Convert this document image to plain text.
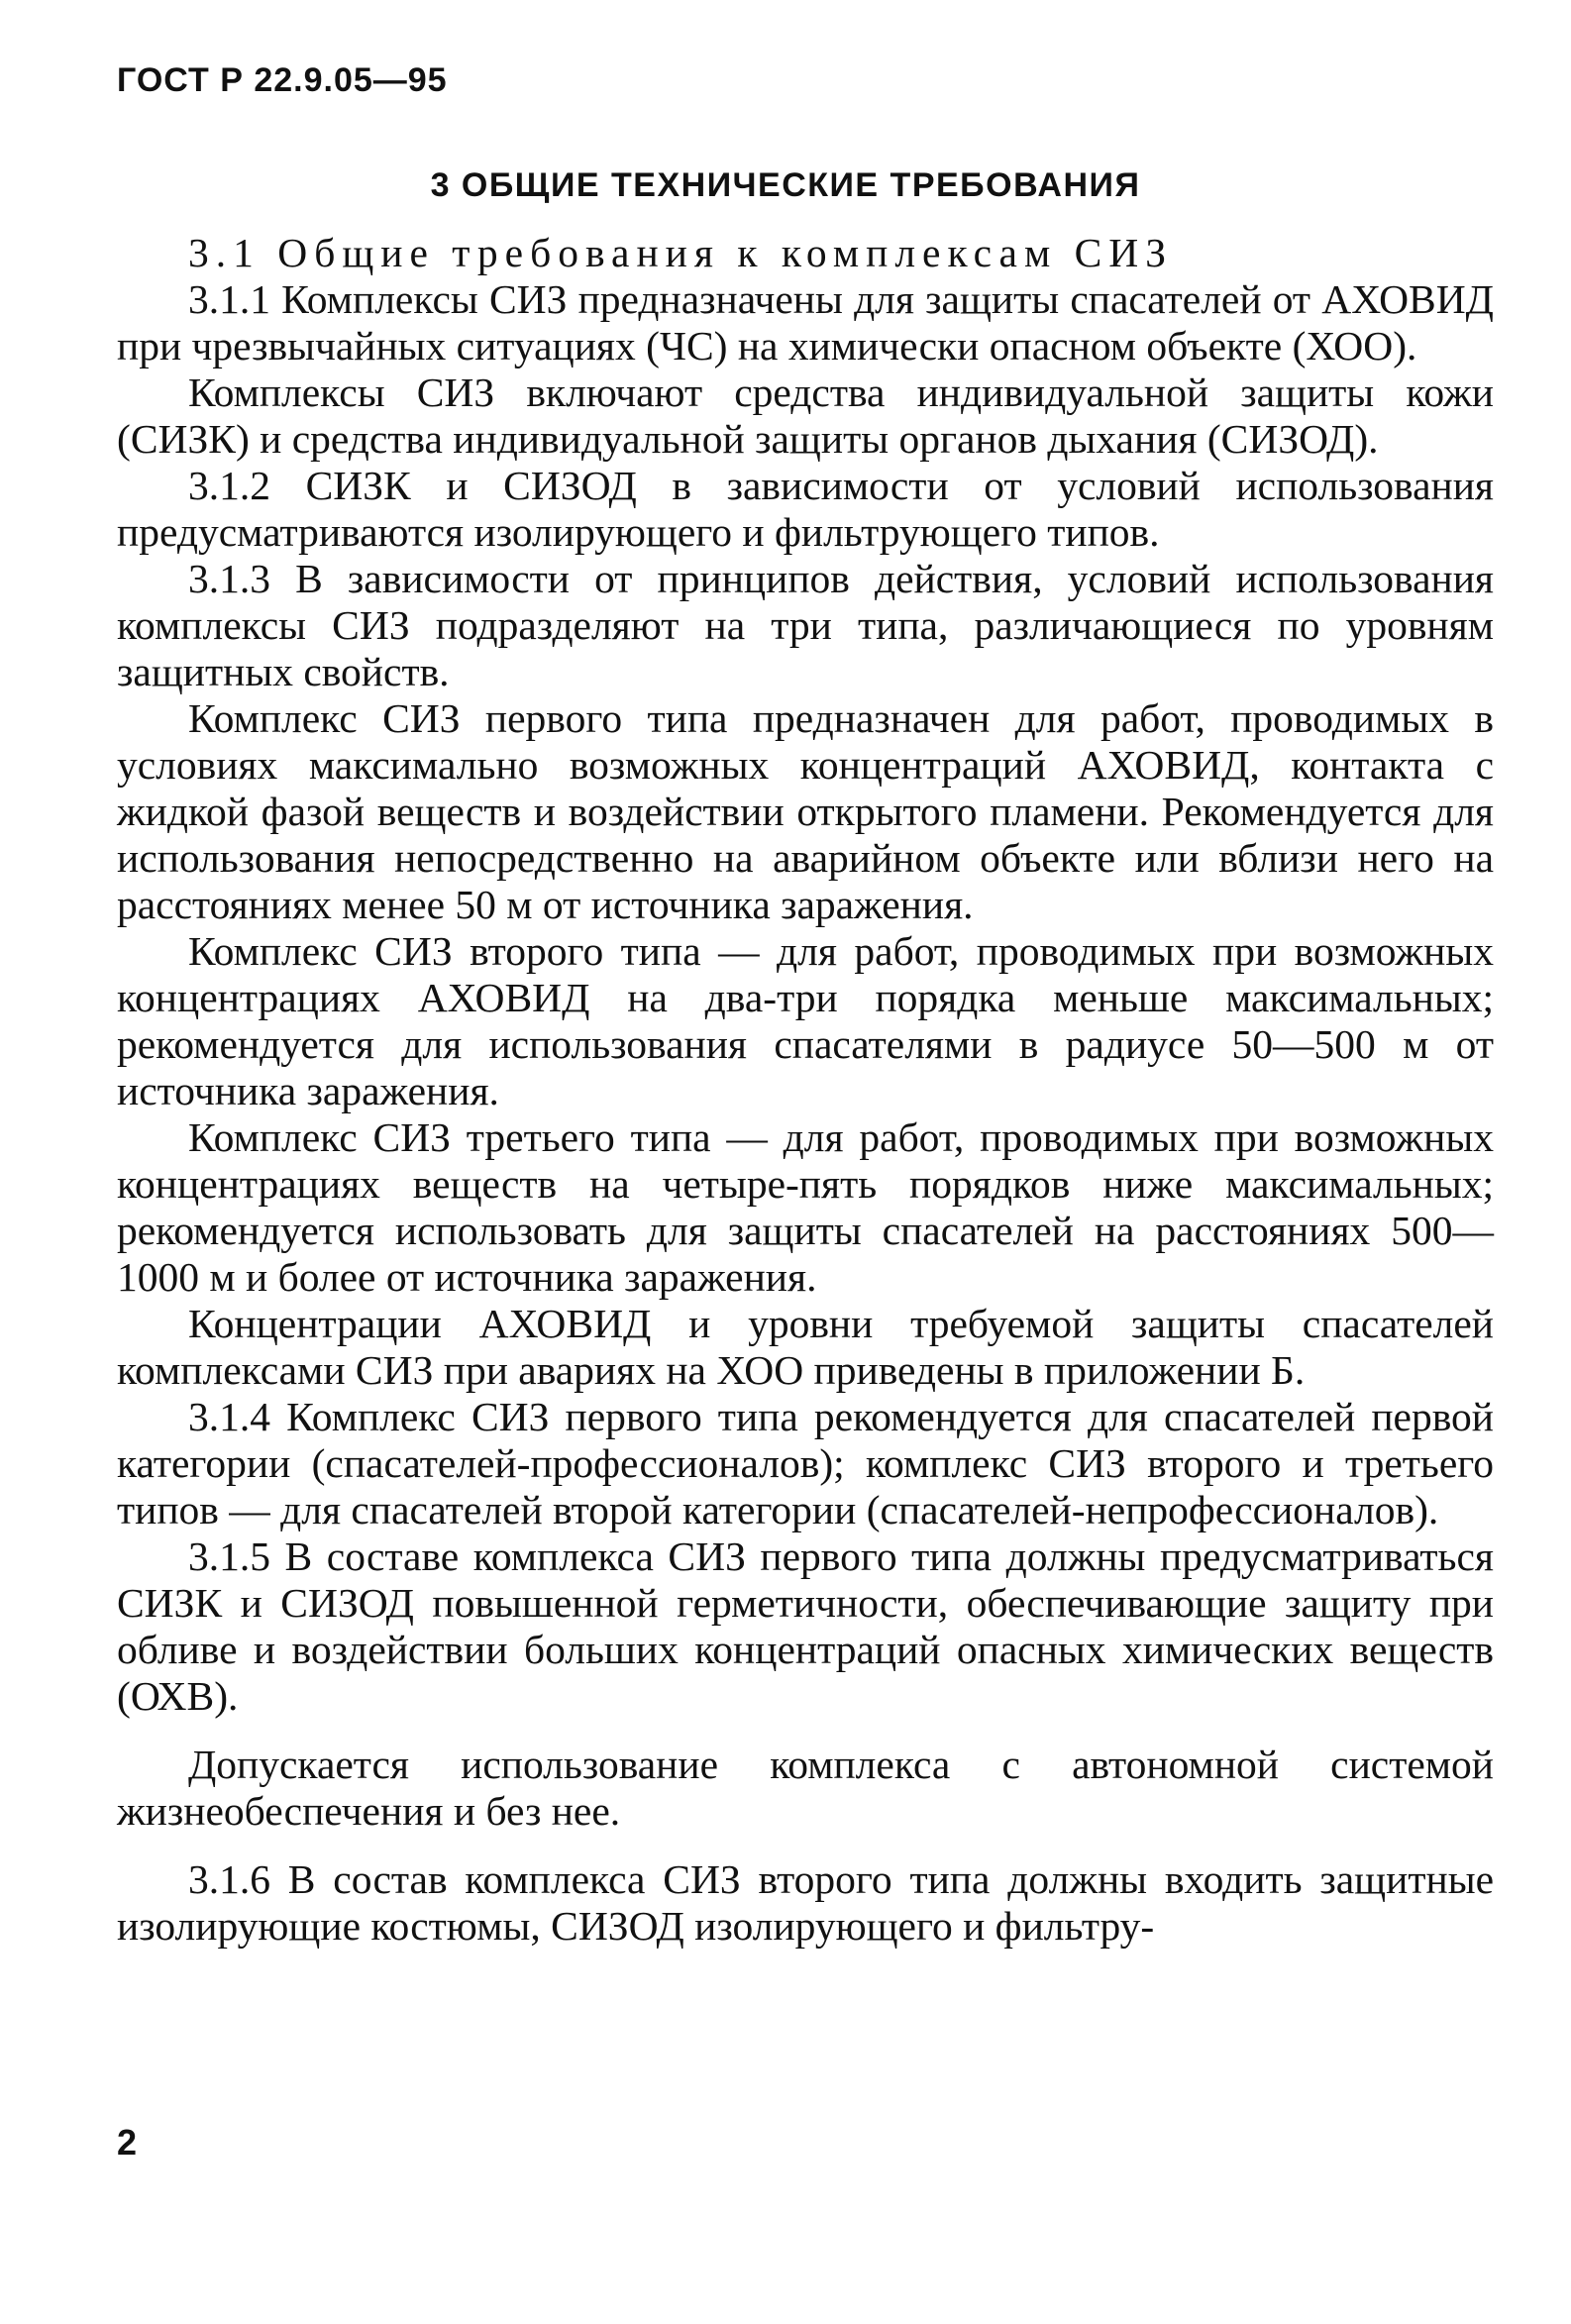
ГОСТ Р 22.9.05—95
3 ОБЩИЕ ТЕХНИЧЕСКИЕ ТРЕБОВАНИЯ

3.1 Общие требования к комплексам СИЗ

3.1.1 Комплексы СИЗ предназначены для защиты спасателей от АХОВИД при чрезвычайных ситуациях (ЧС) на химически опасном объекте (ХОО).

Комплексы СИЗ включают средства индивидуальной защиты кожи (СИЗК) и средства индивидуальной защиты органов дыхания (СИЗОД).

3.1.2 СИЗК и СИЗОД в зависимости от условий использования предусматриваются изолирующего и фильтрующего типов.

3.1.3 В зависимости от принципов действия, условий использования комплексы СИЗ подразделяют на три типа, различающиеся по уровням защитных свойств.

Комплекс СИЗ первого типа предназначен для работ, проводимых в условиях максимально возможных концентраций АХОВИД, контакта с жидкой фазой веществ и воздействии открытого пламени. Рекомендуется для использования непосредственно на аварийном объекте или вблизи него на расстояниях менее 50 м от источника заражения.

Комплекс СИЗ второго типа — для работ, проводимых при возможных концентрациях АХОВИД на два-три порядка меньше максимальных; рекомендуется для использования спасателями в радиусе 50—500 м от источника заражения.

Комплекс СИЗ третьего типа — для работ, проводимых при возможных концентрациях веществ на четыре-пять порядков ниже максимальных; рекомендуется использовать для защиты спасателей на расстояниях 500—1000 м и более от источника заражения.

Концентрации АХОВИД и уровни требуемой защиты спасателей комплексами СИЗ при авариях на ХОО приведены в приложении Б.

3.1.4 Комплекс СИЗ первого типа рекомендуется для спасателей первой категории (спасателей-профессионалов); комплекс СИЗ второго и третьего типов — для спасателей второй категории (спасателей-непрофессионалов).

3.1.5 В составе комплекса СИЗ первого типа должны предусматриваться СИЗК и СИЗОД повышенной герметичности, обеспечивающие защиту при обливе и воздействии больших концентраций опасных химических веществ (ОХВ).

Допускается использование комплекса с автономной системой жизнеобеспечения и без нее.

3.1.6 В состав комплекса СИЗ второго типа должны входить защитные изолирующие костюмы, СИЗОД изолирующего и фильтру-

2
